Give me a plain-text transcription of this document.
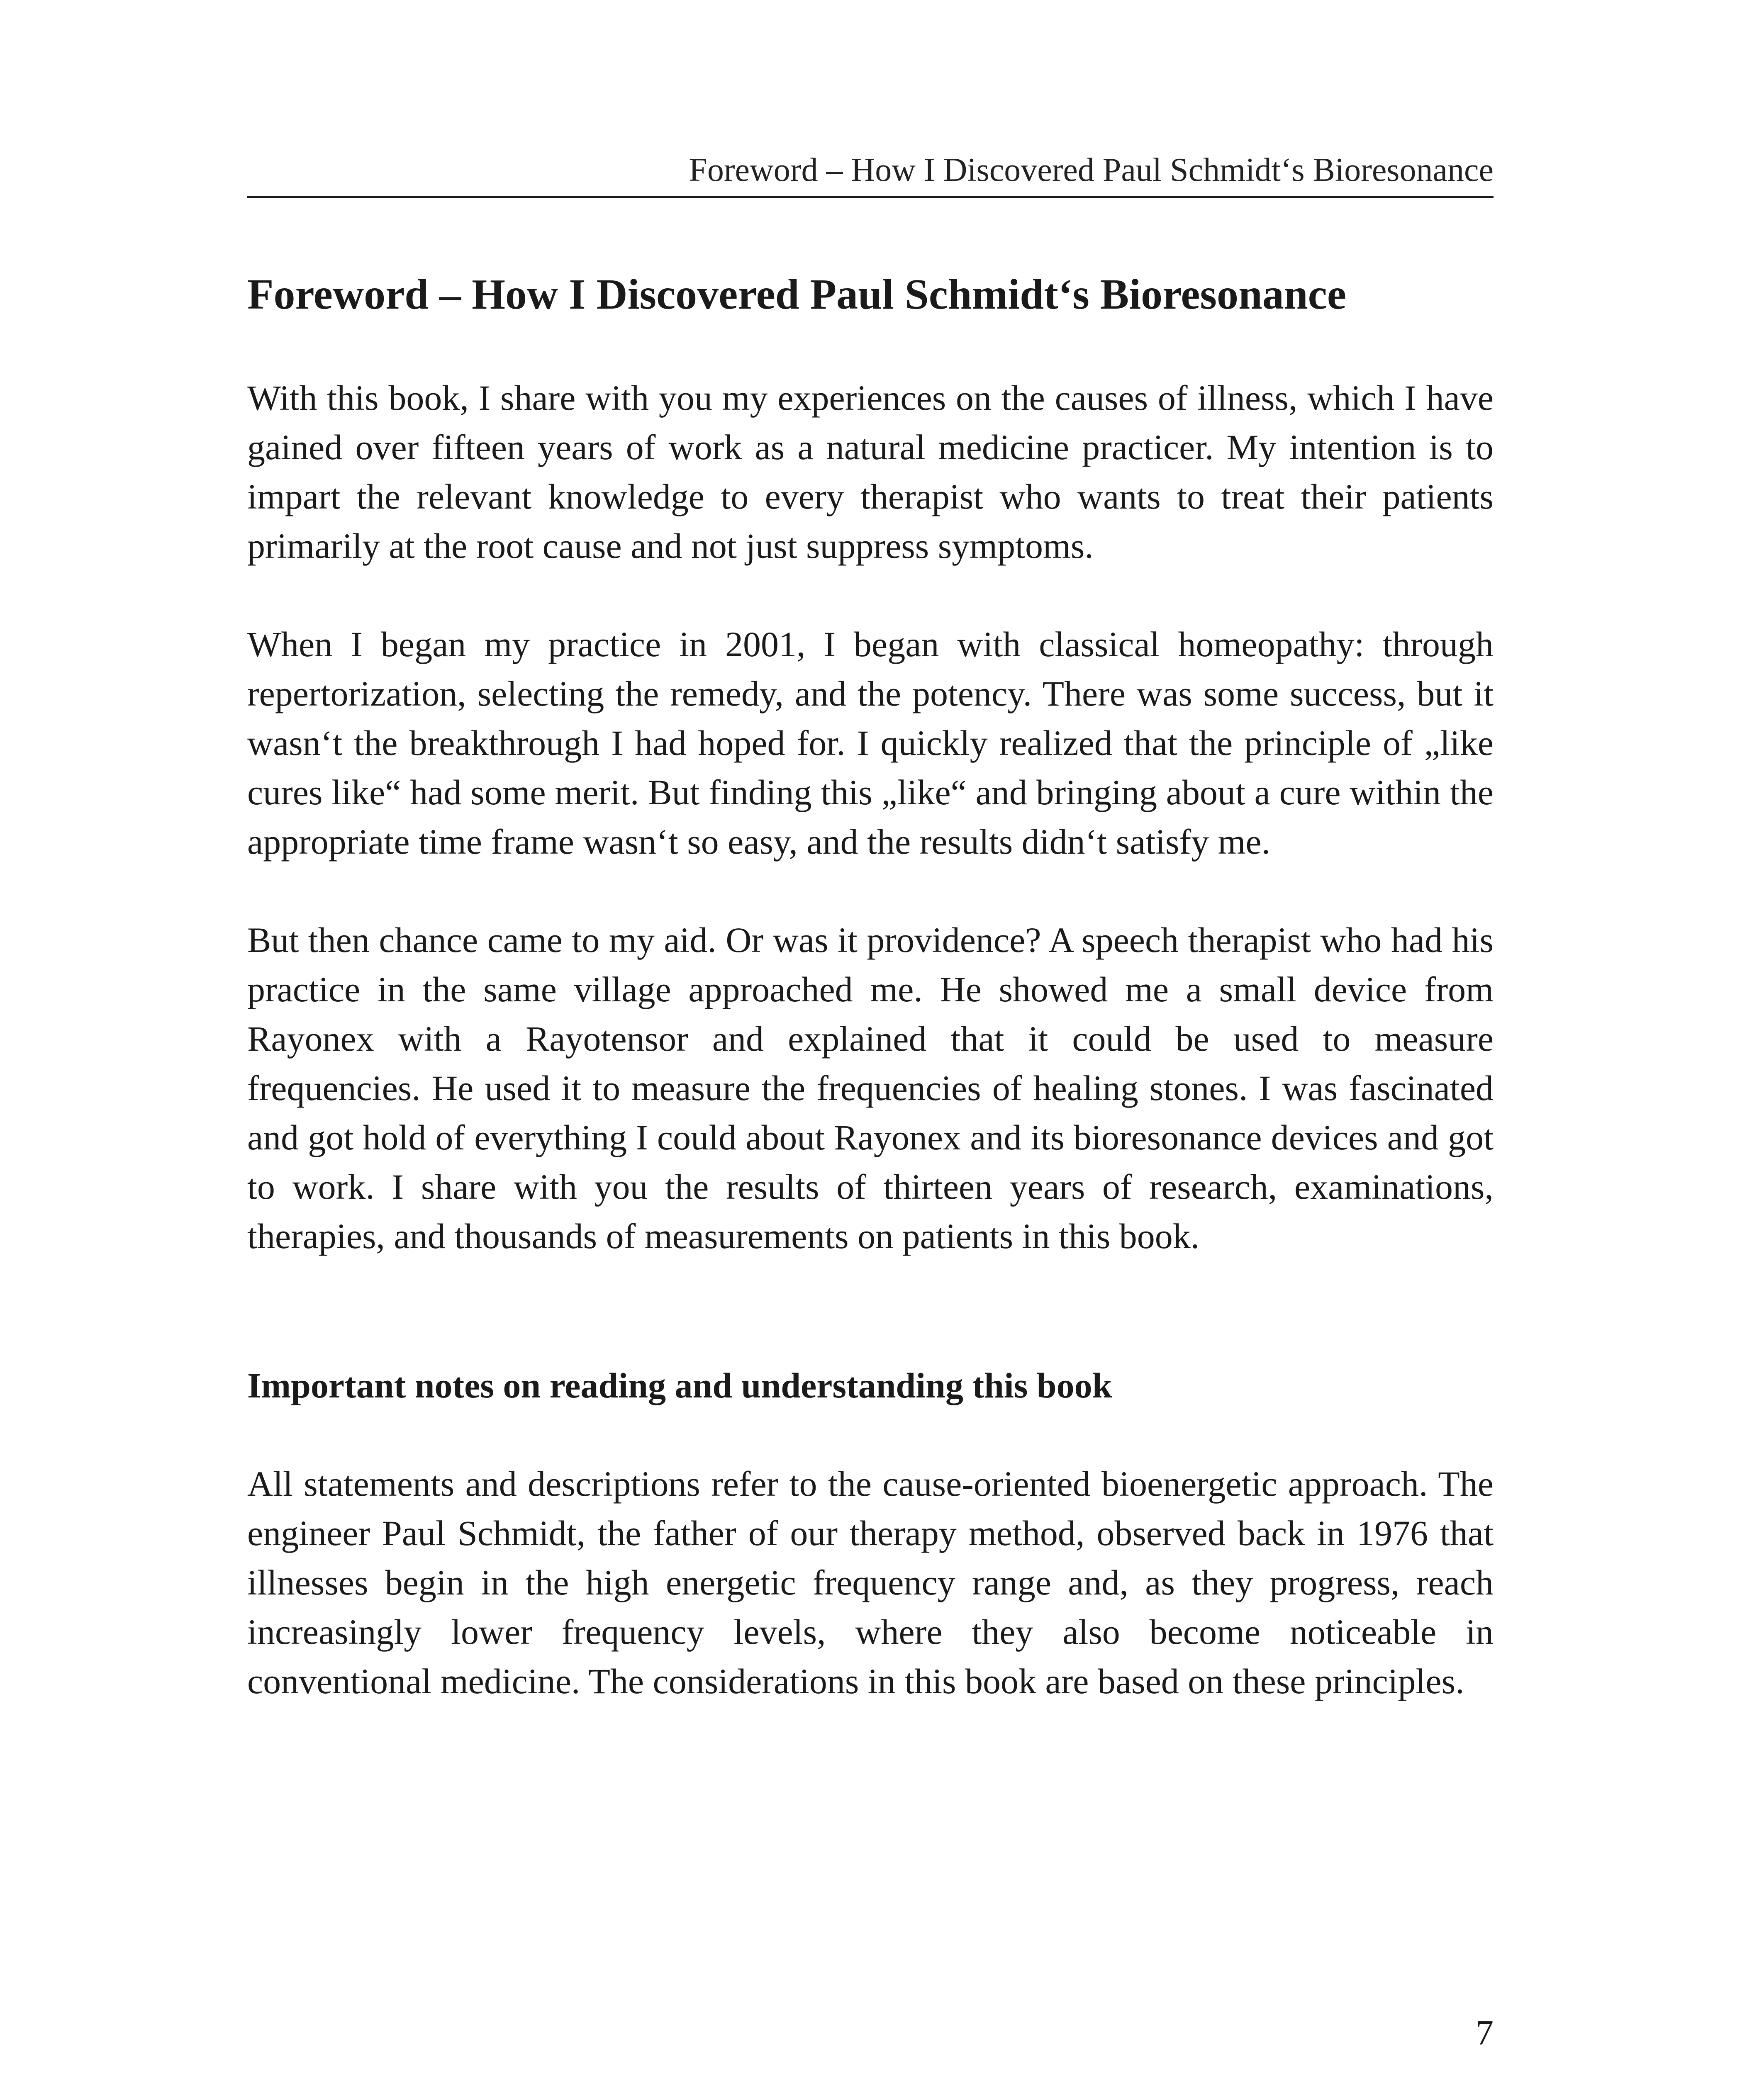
Foreword – How I Discovered Paul Schmidt‘s Bioresonance
Foreword – How I Discovered Paul Schmidt‘s Bioresonance

With this book, I share with you my experiences on the causes of illness, which I have gained over fifteen years of work as a natural medicine practicer. My intention is to impart the relevant knowledge to every therapist who wants to treat their patients primarily at the root cause and not just suppress symptoms.

When I began my practice in 2001, I began with classical homeopathy: through repertorization, selecting the remedy, and the potency. There was some success, but it wasn‘t the breakthrough I had hoped for. I quickly realized that the principle of „like cures like“ had some merit. But finding this „like“ and bringing about a cure within the appropriate time frame wasn‘t so easy, and the results didn‘t satisfy me.

But then chance came to my aid. Or was it providence? A speech therapist who had his practice in the same village approached me. He showed me a small device from Rayonex with a Rayotensor and explained that it could be used to measure frequencies. He used it to measure the frequencies of healing stones. I was fascinated and got hold of everything I could about Rayonex and its bioresonance devices and got to work. I share with you the results of thirteen years of research, examinations, therapies, and thousands of measurements on patients in this book.

Important notes on reading and understanding this book

All statements and descriptions refer to the cause-oriented bioenergetic approach. The engineer Paul Schmidt, the father of our therapy method, observed back in 1976 that illnesses begin in the high energetic frequency range and, as they progress, reach increasingly lower frequency levels, where they also become noticeable in conventional medicine. The considerations in this book are based on these principles.

7
